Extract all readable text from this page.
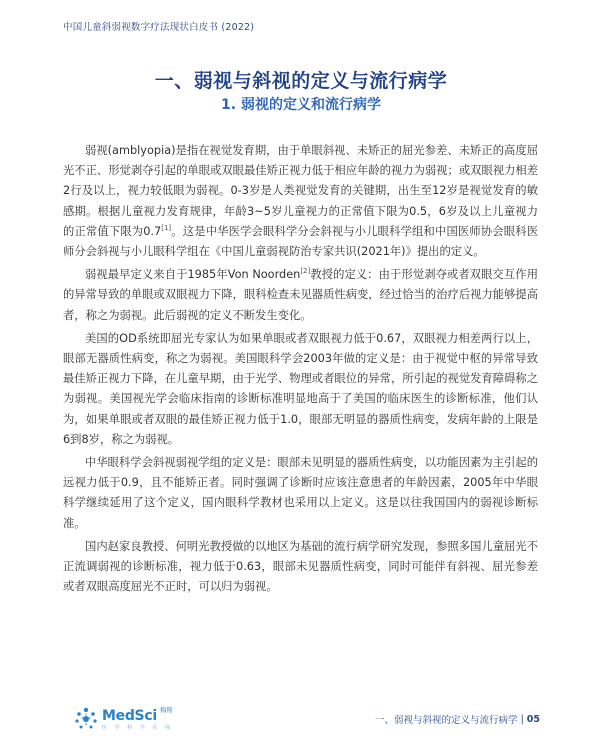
中国儿童斜弱视数字疗法现状白皮书 (2022)
一、弱视与斜视的定义与流行病学
1. 弱视的定义和流行病学

弱视(amblyopia)是指在视觉发育期，由于单眼斜视、未矫正的屈光参差、未矫正的高度屈光不正、形觉剥夺引起的单眼或双眼最佳矫正视力低于相应年龄的视力为弱视；或双眼视力相差2行及以上，视力较低眼为弱视。0-3岁是人类视觉发育的关键期，出生至12岁是视觉发育的敏感期。根据儿童视力发育规律，年龄3~5岁儿童视力的正常值下限为0.5，6岁及以上儿童视力的正常值下限为0.7[1]。这是中华医学会眼科学分会斜视与小儿眼科学组和中国医师协会眼科医师分会斜视与小儿眼科学组在《中国儿童弱视防治专家共识(2021年)》提出的定义。

弱视最早定义来自于1985年Von Noorden[2]教授的定义：由于形觉剥夺或者双眼交互作用的异常导致的单眼或双眼视力下降，眼科检查未见器质性病变，经过恰当的治疗后视力能够提高者，称之为弱视。此后弱视的定义不断发生变化。

美国的OD系统即屈光专家认为如果单眼或者双眼视力低于0.67，双眼视力相差两行以上，眼部无器质性病变，称之为弱视。美国眼科学会2003年做的定义是：由于视觉中枢的异常导致最佳矫正视力下降，在儿童早期，由于光学、物理或者眼位的异常，所引起的视觉发育障碍称之为弱视。美国视光学会临床指南的诊断标准明显地高于了美国的临床医生的诊断标准，他们认为，如果单眼或者双眼的最佳矫正视力低于1.0，眼部无明显的器质性病变，发病年龄的上限是6到8岁，称之为弱视。

中华眼科学会斜视弱视学组的定义是：眼部未见明显的器质性病变，以功能因素为主引起的远视力低于0.9，且不能矫正者。同时强调了诊断时应该注意患者的年龄因素，2005年中华眼科学继续延用了这个定义，国内眼科学教材也采用以上定义。这是以往我国国内的弱视诊断标准。

国内赵家良教授、何明光教授做的以地区为基础的流行病学研究发现，参照多国儿童屈光不正流调弱视的诊断标准，视力低于0.63，眼部未见器质性病变，同时可能伴有斜视、屈光参差或者双眼高度屈光不正时，可以归为弱视。

MedSci $^{梅斯}$
医 学 科 学 在 线
一、弱视与斜视的定义与流行病学 | 05
